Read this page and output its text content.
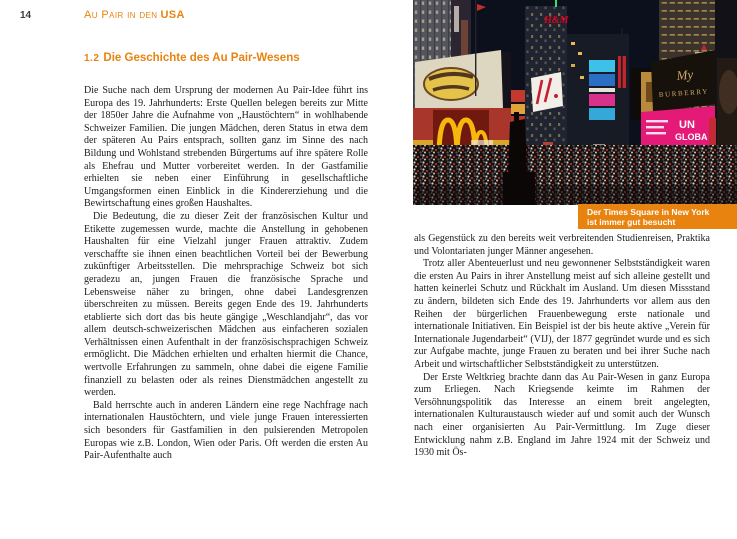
14	Au Pair in den USA
1.2 Die Geschichte des Au Pair-Wesens

Die Suche nach dem Ursprung der modernen Au Pair-Idee führt ins Europa des 19. Jahrhunderts: Erste Quellen belegen bereits zur Mitte der 1850er Jahre die Aufnahme von „Haustöchtern“ in wohlhabende Schweizer Familien. Die jungen Mädchen, deren Status in etwa dem der späteren Au Pairs entsprach, sollten ganz im Sinne des nach Bildung und Wohlstand strebenden Bürgertums auf ihre spätere Rolle als Ehefrau und Mutter vorbereitet werden. In der Gastfamilie erhielten sie neben einer Einführung in gesellschaftliche Umgangsformen einen Einblick in die Kindererziehung und die Bewirtschaftung eines großen Haushaltes.

Die Bedeutung, die zu dieser Zeit der französischen Kultur und Etikette zugemessen wurde, machte die Anstellung in gehobenen Haushalten für eine Vielzahl junger Frauen attraktiv. Zudem verschaffte sie ihnen einen beachtlichen Vorteil bei der Bewerbung zukünftiger Arbeitsstellen. Die mehrsprachige Schweiz bot sich geradezu an, jungen Frauen die französische Sprache und Lebensweise näher zu bringen, ohne dabei Landesgrenzen überschreiten zu müssen. Bereits gegen Ende des 19. Jahrhunderts etablierte sich dort das bis heute gängige „Weschlandjahr“, das vor allem deutsch-schweizerischen Mädchen aus einfacheren sozialen Verhältnissen einen Aufenthalt in der französischsprachigen Schweiz ermöglicht. Die Mädchen erhielten und erhalten hiermit die Chance, wertvolle Erfahrungen zu sammeln, ohne dabei die eigene Familie finanziell zu belasten oder als reines Dienstmädchen angestellt zu werden.

Bald herrschte auch in anderen Ländern eine rege Nachfrage nach internationalen Haustöchtern, und viele junge Frauen interessierten sich besonders für Gastfamilien in den pulsierenden Metropolen Europas wie z.B. London, Wien oder Paris. Oft werden die ersten Au Pair-Aufenthalte auch

H&M
My
BURBERRY
UN
GLOBA
Der Times Square in New York
ist immer gut besucht

als Gegenstück zu den bereits weit verbreitenden Studienreisen, Praktika und Volontariaten junger Männer angesehen.

Trotz aller Abenteuerlust und neu gewonnener Selbstständigkeit waren die ersten Au Pairs in ihrer Anstellung meist auf sich alleine gestellt und hatten keinerlei Schutz und Rückhalt im Ausland. Um diesen Missstand zu ändern, bildeten sich Ende des 19. Jahrhunderts vor allem aus den Reihen der bürgerlichen Frauenbewegung erste nationale und internationale Initiativen. Ein Beispiel ist der bis heute aktive „Verein für Internationale Jugendarbeit“ (VIJ), der 1877 gegründet wurde und es sich zur Aufgabe machte, junge Frauen zu beraten und bei ihrer Suche nach Arbeit und wirtschaftlicher Selbstständigkeit zu unterstützen.

Der Erste Weltkrieg brachte dann das Au Pair-Wesen in ganz Europa zum Erliegen. Nach Kriegsende keimte im Rahmen der Versöhnungspolitik das Interesse an einem breit angelegten, internationalen Kulturaustausch wieder auf und somit auch der Wunsch nach einer organisierten Au Pair-Vermittlung. Im Zuge dieser Entwicklung nahm z.B. England im Jahre 1924 mit der Schweiz und 1930 mit Ös-
